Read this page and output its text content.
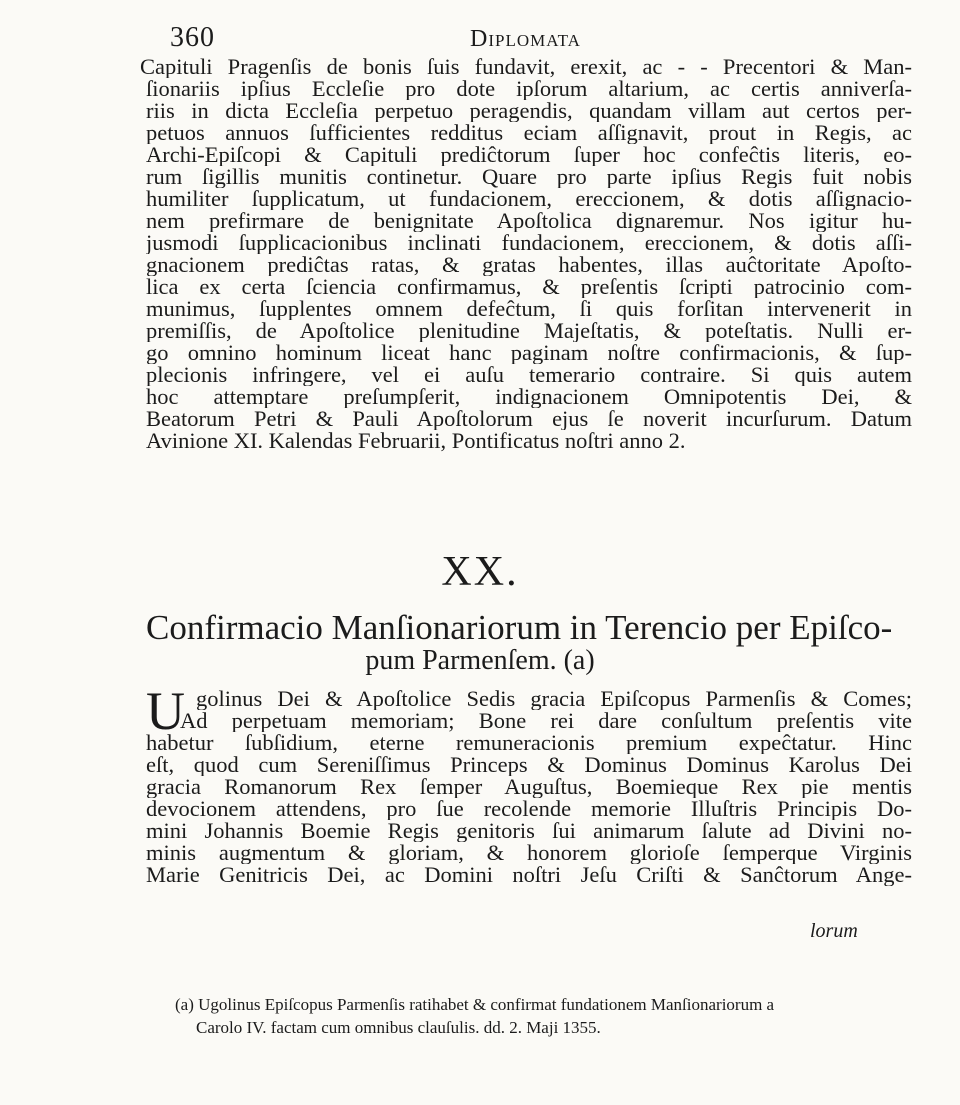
360	Diplomata
Capituli Pragenſis de bonis ſuis fundavit, erexit, ac - - Precentori & Man-
ſionariis ipſius Eccleſie pro dote ipſorum altarium, ac certis anniverſa-
riis in dicta Eccleſia perpetuo peragendis, quandam villam aut certos per-
petuos annuos ſufficientes redditus eciam aſſignavit, prout in Regis, ac
Archi-Epiſcopi & Capituli prediĉtorum ſuper hoc confeĉtis literis, eo-
rum ſigillis munitis continetur. Quare pro parte ipſius Regis fuit nobis
humiliter ſupplicatum, ut fundacionem, ereccionem, & dotis aſſignacio-
nem prefirmare de benignitate Apoſtolica dignaremur. Nos igitur hu-
jusmodi ſupplicacionibus inclinati fundacionem, ereccionem, & dotis aſſi-
gnacionem prediĉtas ratas, & gratas habentes, illas auĉtoritate Apoſto-
lica ex certa ſciencia confirmamus, & preſentis ſcripti patrocinio com-
munimus, ſupplentes omnem defeĉtum, ſi quis forſitan intervenerit in
premiſſis, de Apoſtolice plenitudine Majeſtatis, & poteſtatis. Nulli er-
go omnino hominum liceat hanc paginam noſtre confirmacionis, & ſup-
plecionis infringere, vel ei auſu temerario contraire. Si quis autem
hoc attemptare preſumpſerit, indignacionem Omnipotentis Dei, &
Beatorum Petri & Pauli Apoſtolorum ejus ſe noverit incurſurum. Datum
Avinione XI. Kalendas Februarii, Pontificatus noſtri anno 2.
XX.
Confirmacio Manſionariorum in Terencio per Epiſco-
pum Parmenſem. (a)
U golinus Dei & Apoſtolice Sedis gracia Epiſcopus Parmenſis & Comes;
Ad perpetuam memoriam; Bone rei dare conſultum preſentis vite
habetur ſubſidium, eterne remuneracionis premium expeĉtatur. Hinc
eſt, quod cum Sereniſſimus Princeps & Dominus Dominus Karolus Dei
gracia Romanorum Rex ſemper Auguſtus, Boemieque Rex pie mentis
devocionem attendens, pro ſue recolende memorie Illuſtris Principis Do-
mini Johannis Boemie Regis genitoris ſui animarum ſalute ad Divini no-
minis augmentum & gloriam, & honorem glorioſe ſemperque Virginis
Marie Genitricis Dei, ac Domini noſtri Jeſu Criſti & Sanĉtorum Ange-
lorum
(a) Ugolinus Epiſcopus Parmenſis ratihabet & confirmat fundationem Manſionariorum a
Carolo IV. factam cum omnibus clauſulis. dd. 2. Maji 1355.
